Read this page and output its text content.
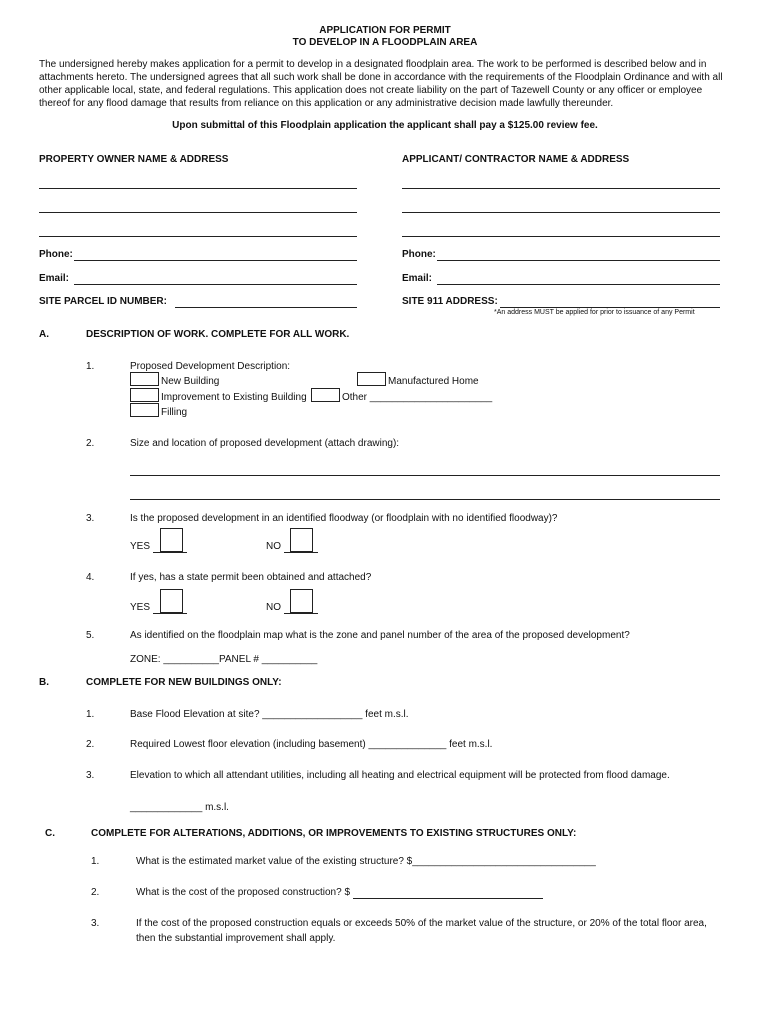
APPLICATION FOR PERMIT
TO DEVELOP IN A FLOODPLAIN AREA
The undersigned hereby makes application for a permit to develop in a designated floodplain area. The work to be performed is described below and in
attachments hereto. The undersigned agrees that all such work shall be done in accordance with the requirements of the Floodplain Ordinance and with all
other applicable local, state, and federal regulations. This application does not create liability on the part of Tazewell County or any officer or employee
thereof for any flood damage that results from reliance on this application or any administrative decision made lawfully thereunder.
Upon submittal of this Floodplain application the applicant shall pay a $125.00 review fee.
PROPERTY OWNER NAME & ADDRESS	APPLICANT/ CONTRACTOR NAME & ADDRESS
Phone:	Phone:
Email:	Email:
SITE PARCEL ID NUMBER:	SITE 911 ADDRESS:
*An address MUST be applied for prior to issuance of any Permit
A.	DESCRIPTION OF WORK. COMPLETE FOR ALL WORK.
1.	Proposed Development Description:
New Building	Manufactured Home
Improvement to Existing Building	Other ______________________
Filling
2.	Size and location of proposed development (attach drawing):
3.	Is the proposed development in an identified floodway (or floodplain with no identified floodway)?
YES	NO
4.	If yes, has a state permit been obtained and attached?
YES	NO
5.	As identified on the floodplain map what is the zone and panel number of the area of the proposed development?
ZONE: __________PANEL # __________
B.	COMPLETE FOR NEW BUILDINGS ONLY:
1.	Base Flood Elevation at site? __________________ feet m.s.l.
2.	Required Lowest floor elevation (including basement) ______________ feet m.s.l.
3.	Elevation to which all attendant utilities, including all heating and electrical equipment will be protected from flood damage.
_____________ m.s.l.
C.	COMPLETE FOR ALTERATIONS, ADDITIONS, OR IMPROVEMENTS TO EXISTING STRUCTURES ONLY:
1.	What is the estimated market value of the existing structure? $_________________________________
2.	What is the cost of the proposed construction? $
3.	If the cost of the proposed construction equals or exceeds 50% of the market value of the structure, or 20% of the total floor area,
then the substantial improvement shall apply.
